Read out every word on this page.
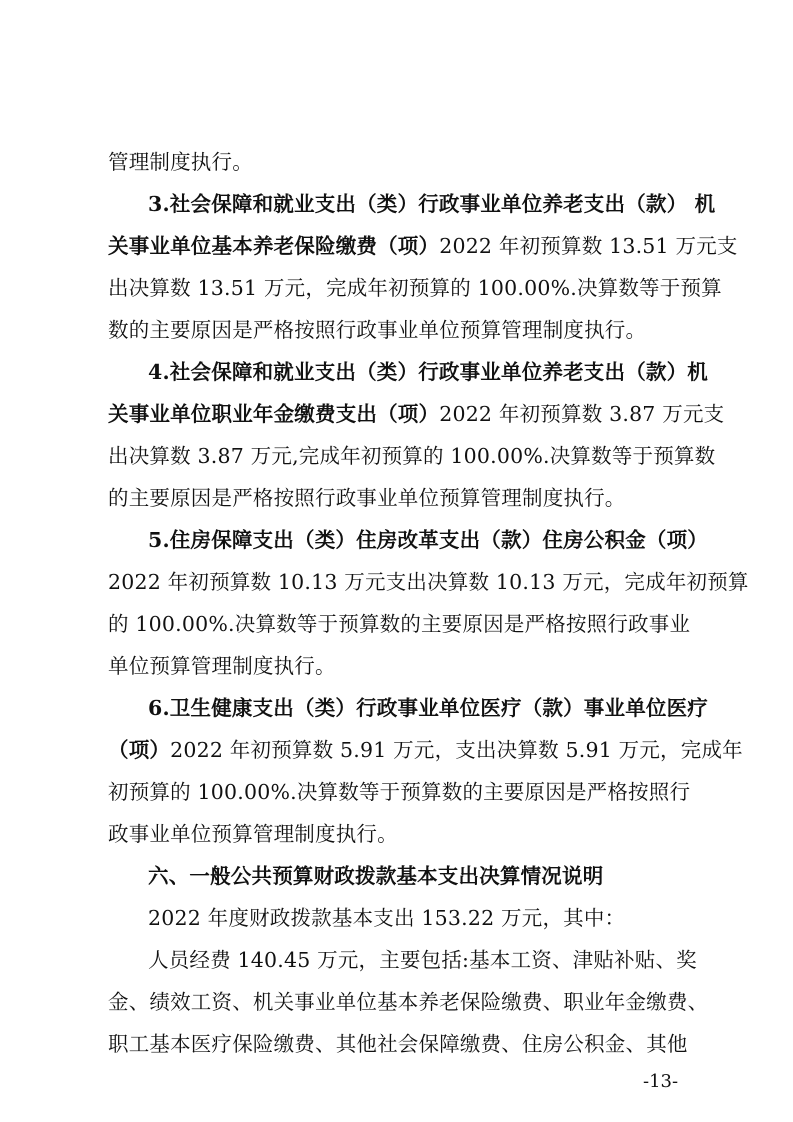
管理制度执行。
3.社会保障和就业支出（类）行政事业单位养老支出（款） 机
关事业单位基本养老保险缴费（项）2022 年初预算数 13.51 万元支
出决算数 13.51 万元，完成年初预算的 100.00%.决算数等于预算
数的主要原因是严格按照行政事业单位预算管理制度执行。
4.社会保障和就业支出（类）行政事业单位养老支出（款）机
关事业单位职业年金缴费支出（项）2022 年初预算数 3.87 万元支
出决算数 3.87 万元,完成年初预算的 100.00%.决算数等于预算数
的主要原因是严格按照行政事业单位预算管理制度执行。
5.住房保障支出（类）住房改革支出（款）住房公积金（项）
2022 年初预算数 10.13 万元支出决算数 10.13 万元，完成年初预算
的 100.00%.决算数等于预算数的主要原因是严格按照行政事业
单位预算管理制度执行。
6.卫生健康支出（类）行政事业单位医疗（款）事业单位医疗
（项）2022 年初预算数 5.91 万元，支出决算数 5.91 万元，完成年
初预算的 100.00%.决算数等于预算数的主要原因是严格按照行
政事业单位预算管理制度执行。
六、一般公共预算财政拨款基本支出决算情况说明
2022 年度财政拨款基本支出 153.22 万元，其中：
人员经费 140.45 万元，主要包括:基本工资、津贴补贴、奖
金、绩效工资、机关事业单位基本养老保险缴费、职业年金缴费、
职工基本医疗保险缴费、其他社会保障缴费、住房公积金、其他
-13-
